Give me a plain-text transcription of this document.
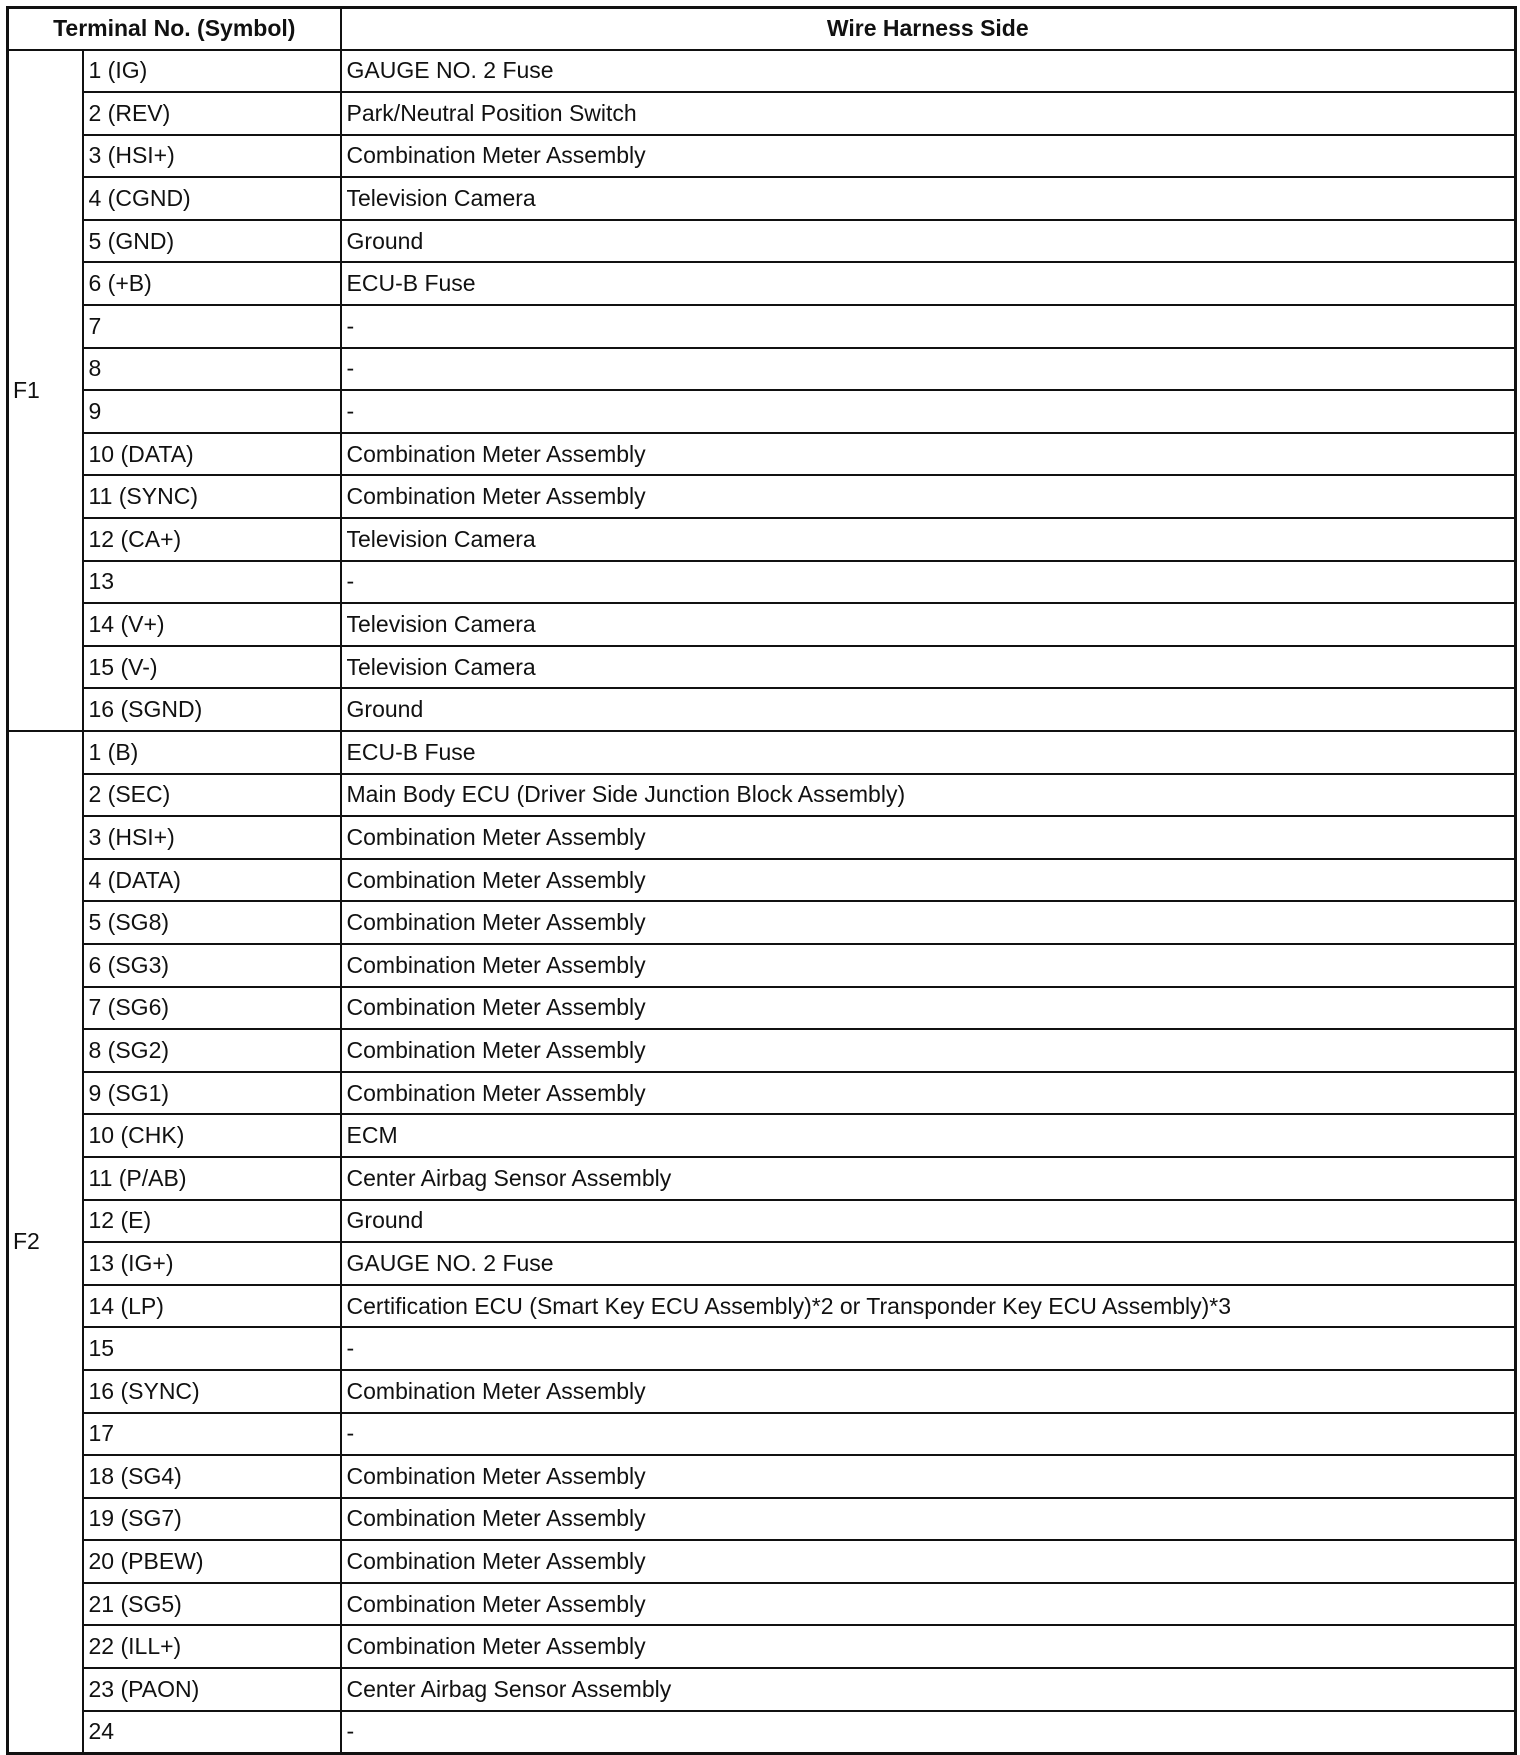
Terminal No. (Symbol)		Wire Harness Side
F1	1 (IG)	GAUGE NO. 2 Fuse
	2 (REV)	Park/Neutral Position Switch
	3 (HSI+)	Combination Meter Assembly
	4 (CGND)	Television Camera
	5 (GND)	Ground
	6 (+B)	ECU-B Fuse
	7	-
	8	-
	9	-
	10 (DATA)	Combination Meter Assembly
	11 (SYNC)	Combination Meter Assembly
	12 (CA+)	Television Camera
	13	-
	14 (V+)	Television Camera
	15 (V-)	Television Camera
	16 (SGND)	Ground
F2	1 (B)	ECU-B Fuse
	2 (SEC)	Main Body ECU (Driver Side Junction Block Assembly)
	3 (HSI+)	Combination Meter Assembly
	4 (DATA)	Combination Meter Assembly
	5 (SG8)	Combination Meter Assembly
	6 (SG3)	Combination Meter Assembly
	7 (SG6)	Combination Meter Assembly
	8 (SG2)	Combination Meter Assembly
	9 (SG1)	Combination Meter Assembly
	10 (CHK)	ECM
	11 (P/AB)	Center Airbag Sensor Assembly
	12 (E)	Ground
	13 (IG+)	GAUGE NO. 2 Fuse
	14 (LP)	Certification ECU (Smart Key ECU Assembly)*2 or Transponder Key ECU Assembly)*3
	15	-
	16 (SYNC)	Combination Meter Assembly
	17	-
	18 (SG4)	Combination Meter Assembly
	19 (SG7)	Combination Meter Assembly
	20 (PBEW)	Combination Meter Assembly
	21 (SG5)	Combination Meter Assembly
	22 (ILL+)	Combination Meter Assembly
	23 (PAON)	Center Airbag Sensor Assembly
	24	-
